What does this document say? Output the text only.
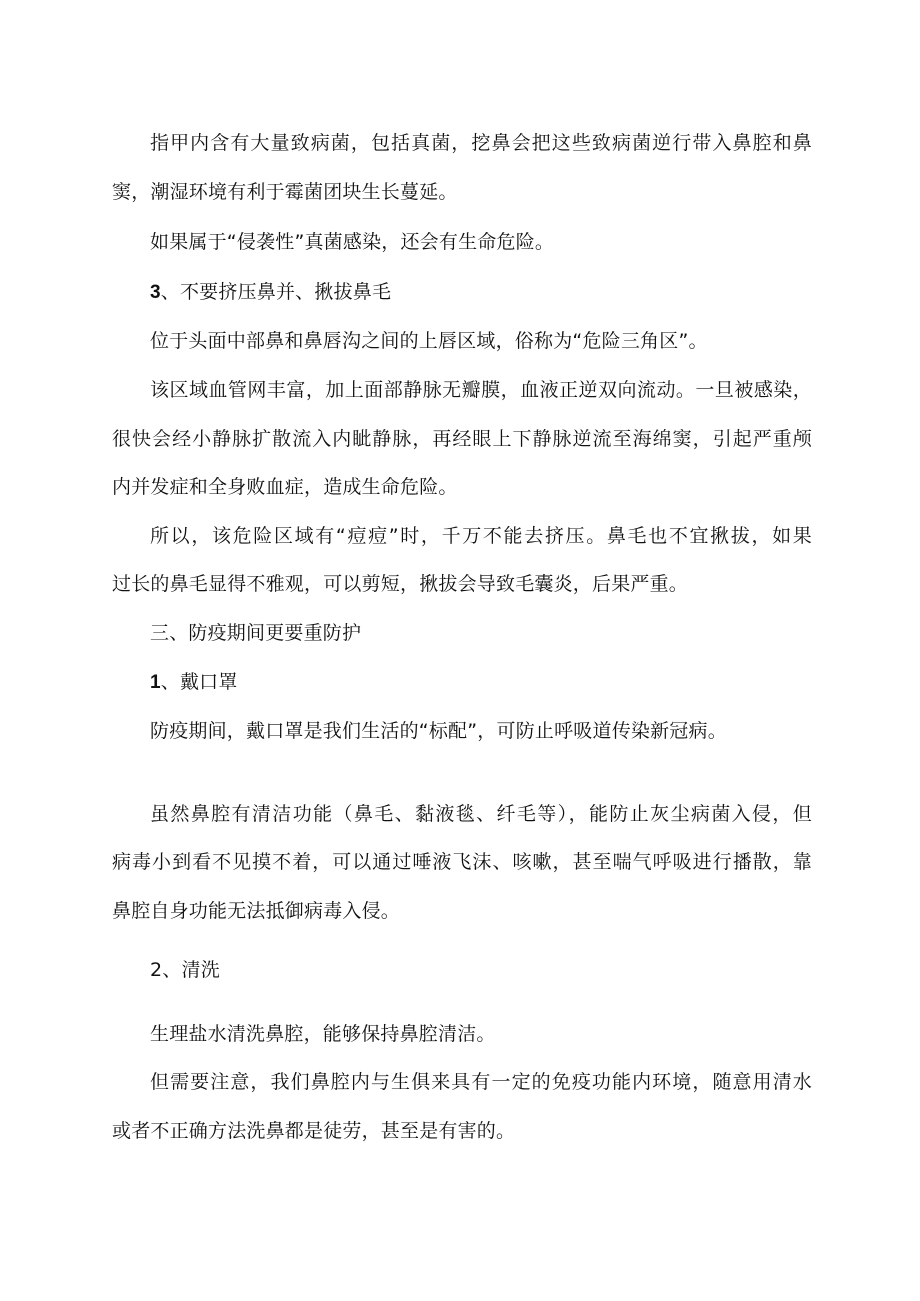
指甲内含有大量致病菌，包括真菌，挖鼻会把这些致病菌逆行带入鼻腔和鼻
窦，潮湿环境有利于霉菌团块生长蔓延。
如果属于“侵袭性”真菌感染，还会有生命危险。
3、不要挤压鼻并、揪拔鼻毛
位于头面中部鼻和鼻唇沟之间的上唇区域，俗称为“危险三角区”。
该区域血管网丰富，加上面部静脉无瓣膜，血液正逆双向流动。一旦被感染，
很快会经小静脉扩散流入内眦静脉，再经眼上下静脉逆流至海绵窦，引起严重颅
内并发症和全身败血症，造成生命危险。
所以，该危险区域有“痘痘”时，千万不能去挤压。鼻毛也不宜揪拔，如果
过长的鼻毛显得不雅观，可以剪短，揪拔会导致毛囊炎，后果严重。
三、防疫期间更要重防护
1、戴口罩
防疫期间，戴口罩是我们生活的“标配”，可防止呼吸道传染新冠病。
虽然鼻腔有清洁功能（鼻毛、黏液毯、纤毛等），能防止灰尘病菌入侵，但
病毒小到看不见摸不着，可以通过唾液飞沫、咳嗽，甚至喘气呼吸进行播散，靠
鼻腔自身功能无法抵御病毒入侵。
2、清洗
生理盐水清洗鼻腔，能够保持鼻腔清洁。
但需要注意，我们鼻腔内与生俱来具有一定的免疫功能内环境，随意用清水
或者不正确方法洗鼻都是徒劳，甚至是有害的。
